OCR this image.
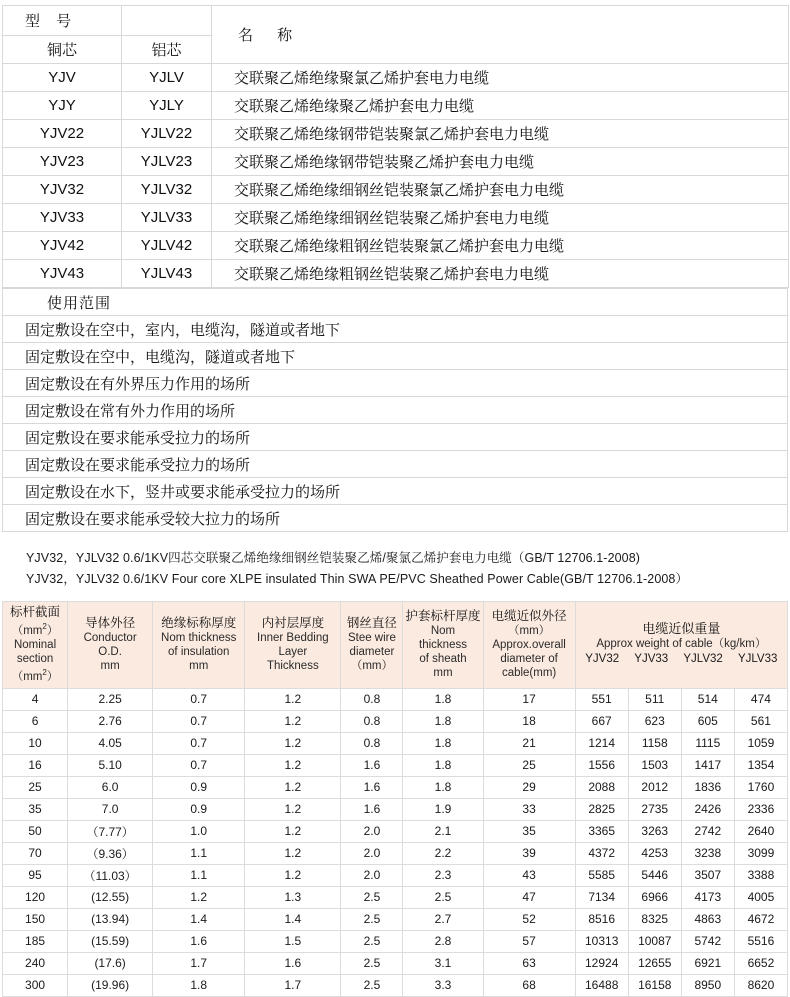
型 号		名 称
铜芯	铝芯	
YJV	YJLV	交联聚乙烯绝缘聚氯乙烯护套电力电缆
YJY	YJLY	交联聚乙烯绝缘聚乙烯护套电力电缆
YJV22	YJLV22	交联聚乙烯绝缘钢带铠装聚氯乙烯护套电力电缆
YJV23	YJLV23	交联聚乙烯绝缘钢带铠装聚乙烯护套电力电缆
YJV32	YJLV32	交联聚乙烯绝缘细钢丝铠装聚氯乙烯护套电力电缆
YJV33	YJLV33	交联聚乙烯绝缘细钢丝铠装聚乙烯护套电力电缆
YJV42	YJLV42	交联聚乙烯绝缘粗钢丝铠装聚氯乙烯护套电力电缆
YJV43	YJLV43	交联聚乙烯绝缘粗钢丝铠装聚乙烯护套电力电缆
使用范围
固定敷设在空中，室内，电缆沟，隧道或者地下
固定敷设在空中，电缆沟，隧道或者地下
固定敷设在有外界压力作用的场所
固定敷设在常有外力作用的场所
固定敷设在要求能承受拉力的场所
固定敷设在要求能承受拉力的场所
固定敷设在水下，竖井或要求能承受拉力的场所
固定敷设在要求能承受较大拉力的场所
YJV32，YJLV32 0.6/1KV四芯交联聚乙烯绝缘细钢丝铠装聚乙烯/聚氯乙烯护套电力电缆（GB/T 12706.1-2008)
YJV32，YJLV32 0.6/1KV Four core XLPE insulated Thin SWA PE/PVC Sheathed Power Cable(GB/T 12706.1-2008）
标杆截面
$(mm^2)$
Nominal
section
$(mm^2)$

导体外径
Conductor
O.D.
mm

绝缘标称厚度
Nom thickness
of insulation
mm

内衬层厚度
Inner Bedding
Layer
Thickness

钢丝直径
Stee wire
diameter
（mm）

护套标杆厚度
Nom thickness
of sheath
mm

电缆近似外径
（mm）
Approx.overall
diameter of
cable(mm)

电缆近似重量
Approx weight of cable（kg/km）
YJV32 YJV33 YJLV32 YJLV33

4	2.25	0.7	1.2	0.8	1.8	17	551	511	514	474
6	2.76	0.7	1.2	0.8	1.8	18	667	623	605	561
10	4.05	0.7	1.2	0.8	1.8	21	1214	1158	1115	1059
16	5.10	0.7	1.2	1.6	1.8	25	1556	1503	1417	1354
25	6.0	0.9	1.2	1.6	1.8	29	2088	2012	1836	1760
35	7.0	0.9	1.2	1.6	1.9	33	2825	2735	2426	2336
50	（7.77）	1.0	1.2	2.0	2.1	35	3365	3263	2742	2640
70	（9.36）	1.1	1.2	2.0	2.2	39	4372	4253	3238	3099
95	（11.03）	1.1	1.2	2.0	2.3	43	5585	5446	3507	3388
120	(12.55)	1.2	1.3	2.5	2.5	47	7134	6966	4173	4005
150	(13.94)	1.4	1.4	2.5	2.7	52	8516	8325	4863	4672
185	(15.59)	1.6	1.5	2.5	2.8	57	10313	10087	5742	5516
240	(17.6)	1.7	1.6	2.5	3.1	63	12924	12655	6921	6652
300	(19.96)	1.8	1.7	2.5	3.3	68	16488	16158	8950	8620
